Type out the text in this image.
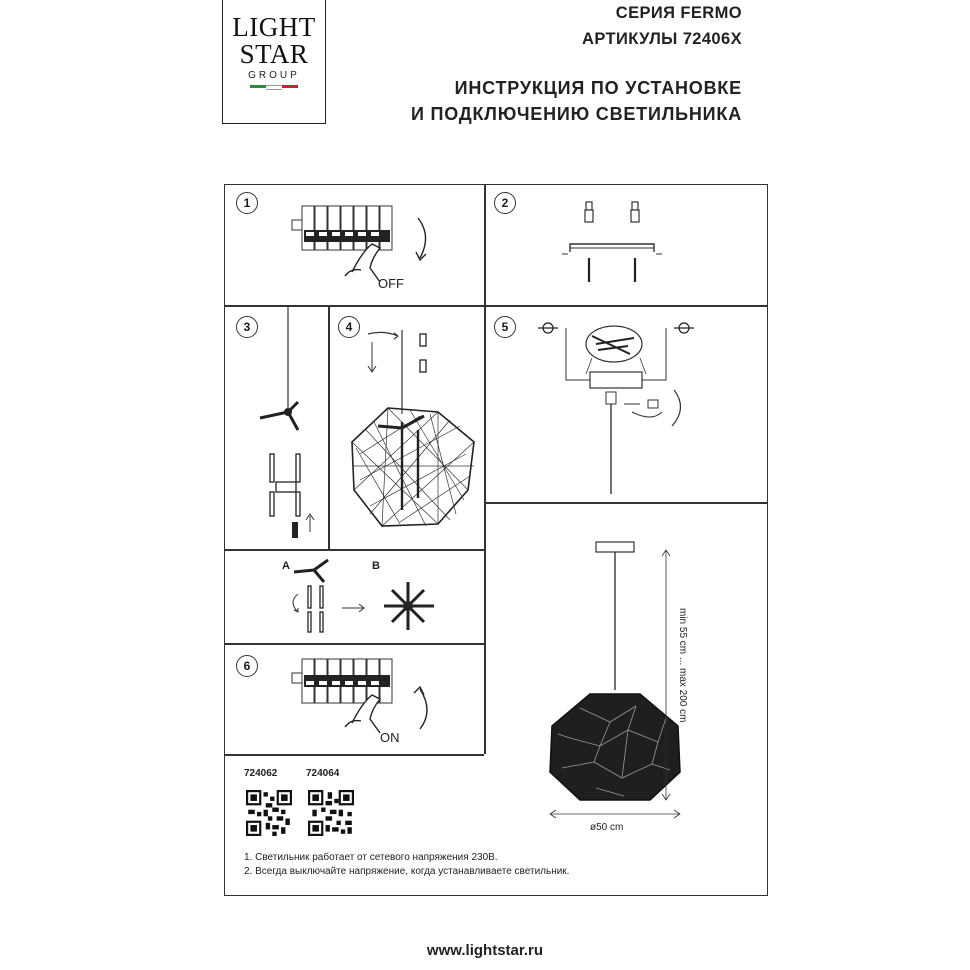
LIGHT
STAR
GROUP
СЕРИЯ FERMO
АРТИКУЛЫ 72406X
ИНСТРУКЦИЯ ПО УСТАНОВКЕ
И ПОДКЛЮЧЕНИЮ СВЕТИЛЬНИКА
1	2
3	4	5
6
OFF
A	B
ON
min 55 cm ... max 200 cm
ø50 cm
724062	724064
1. Светильник работает от сетевого напряжения 230В.
2. Всегда выключайте напряжение, когда устанавливаете светильник.
www.lightstar.ru
